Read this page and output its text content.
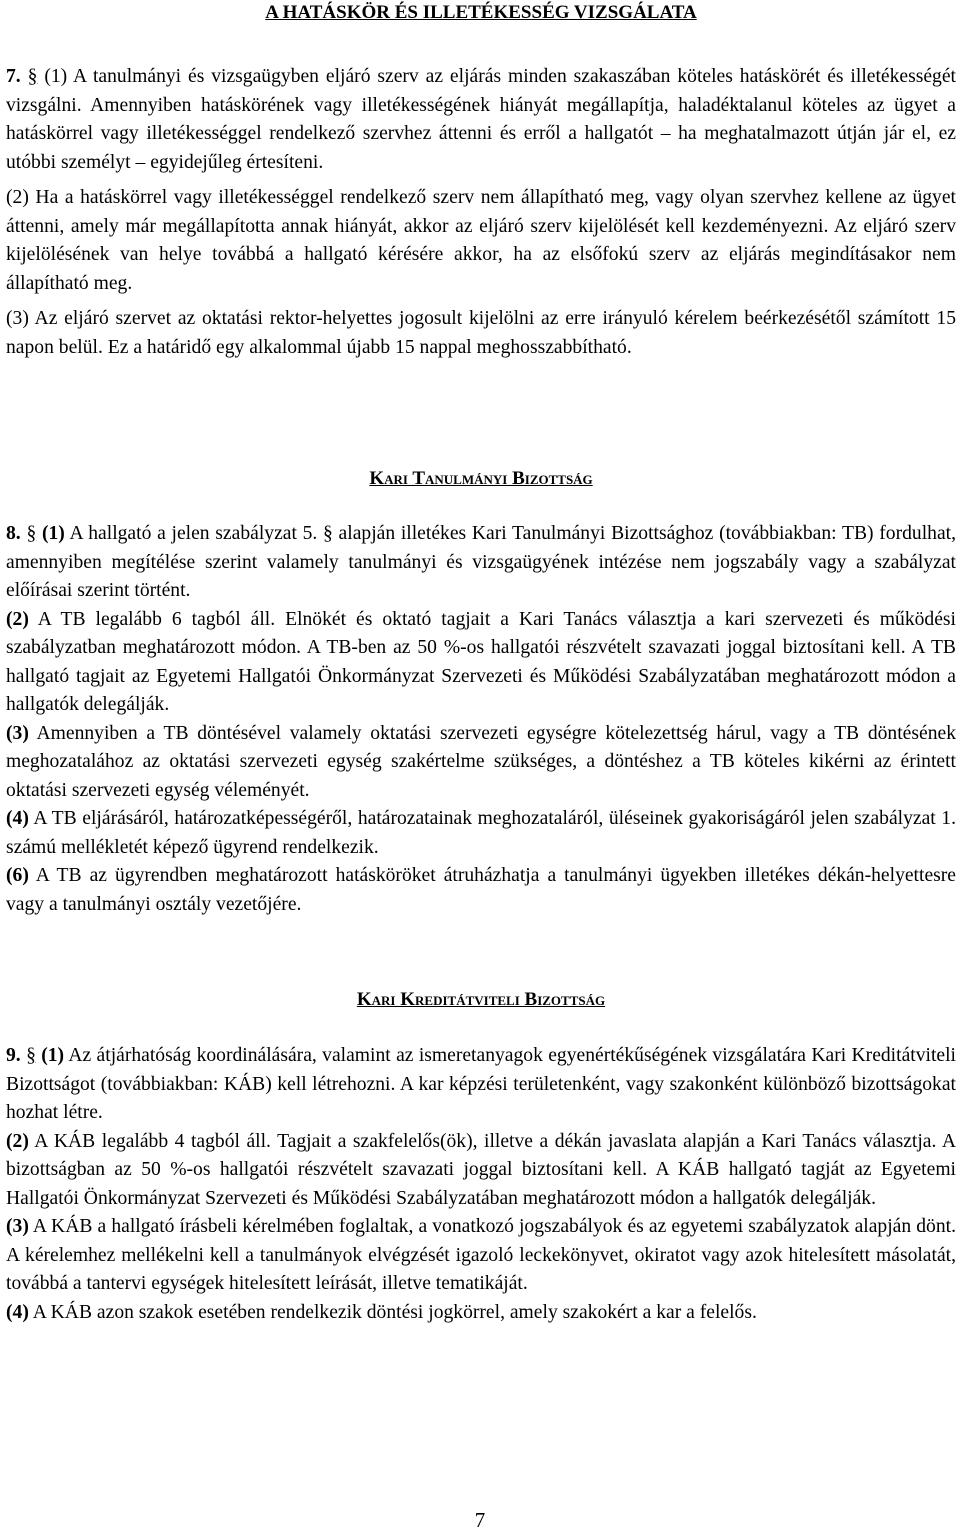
A HATÁSKÖR ÉS ILLETÉKESSÉG VIZSGÁLATA

7. § (1) A tanulmányi és vizsgaügyben eljáró szerv az eljárás minden szakaszában köteles hatáskörét és illetékességét vizsgálni. Amennyiben hatáskörének vagy illetékességének hiányát megállapítja, haladéktalanul köteles az ügyet a hatáskörrel vagy illetékességgel rendelkező szervhez áttenni és erről a hallgatót – ha meghatalmazott útján jár el, ez utóbbi személyt – egyidejűleg értesíteni.

(2) Ha a hatáskörrel vagy illetékességgel rendelkező szerv nem állapítható meg, vagy olyan szervhez kellene az ügyet áttenni, amely már megállapította annak hiányát, akkor az eljáró szerv kijelölését kell kezdeményezni. Az eljáró szerv kijelölésének van helye továbbá a hallgató kérésére akkor, ha az elsőfokú szerv az eljárás megindításakor nem állapítható meg.

(3) Az eljáró szervet az oktatási rektor-helyettes jogosult kijelölni az erre irányuló kérelem beérkezésétől számított 15 napon belül. Ez a határidő egy alkalommal újabb 15 nappal meghosszabbítható.

Kari Tanulmányi Bizottság

8. § (1) A hallgató a jelen szabályzat 5. § alapján illetékes Kari Tanulmányi Bizottsághoz (továbbiakban: TB) fordulhat, amennyiben megítélése szerint valamely tanulmányi és vizsgaügyének intézése nem jogszabály vagy a szabályzat előírásai szerint történt.

(2) A TB legalább 6 tagból áll. Elnökét és oktató tagjait a Kari Tanács választja a kari szervezeti és működési szabályzatban meghatározott módon. A TB-ben az 50 %-os hallgatói részvételt szavazati joggal biztosítani kell. A TB hallgató tagjait az Egyetemi Hallgatói Önkormányzat Szervezeti és Működési Szabályzatában meghatározott módon a hallgatók delegálják.

(3) Amennyiben a TB döntésével valamely oktatási szervezeti egységre kötelezettség hárul, vagy a TB döntésének meghozatalához az oktatási szervezeti egység szakértelme szükséges, a döntéshez a TB köteles kikérni az érintett oktatási szervezeti egység véleményét.

(4) A TB eljárásáról, határozatképességéről, határozatainak meghozataláról, üléseinek gyakoriságáról jelen szabályzat 1. számú mellékletét képező ügyrend rendelkezik.

(6) A TB az ügyrendben meghatározott hatásköröket átruházhatja a tanulmányi ügyekben illetékes dékán-helyettesre vagy a tanulmányi osztály vezetőjére.

Kari Kreditátviteli Bizottság

9. § (1) Az átjárhatóság koordinálására, valamint az ismeretanyagok egyenértékűségének vizsgálatára Kari Kreditátviteli Bizottságot (továbbiakban: KÁB) kell létrehozni. A kar képzési területenként, vagy szakonként különböző bizottságokat hozhat létre.

(2) A KÁB legalább 4 tagból áll. Tagjait a szakfelelős(ök), illetve a dékán javaslata alapján a Kari Tanács választja. A bizottságban az 50 %-os hallgatói részvételt szavazati joggal biztosítani kell. A KÁB hallgató tagját az Egyetemi Hallgatói Önkormányzat Szervezeti és Működési Szabályzatában meghatározott módon a hallgatók delegálják.

(3) A KÁB a hallgató írásbeli kérelmében foglaltak, a vonatkozó jogszabályok és az egyetemi szabályzatok alapján dönt. A kérelemhez mellékelni kell a tanulmányok elvégzését igazoló leckekönyvet, okiratot vagy azok hitelesített másolatát, továbbá a tantervi egységek hitelesített leírását, illetve tematikáját.

(4) A KÁB azon szakok esetében rendelkezik döntési jogkörrel, amely szakokért a kar a felelős.

7
